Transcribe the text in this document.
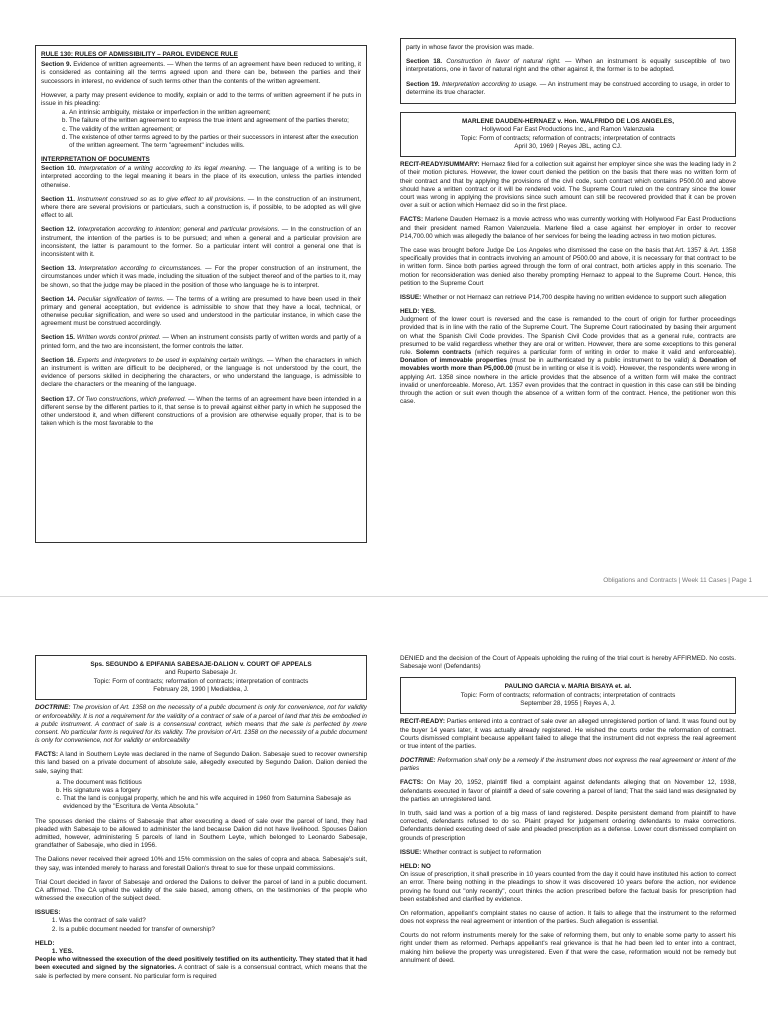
RULE 130: RULES OF ADMISSIBILITY – PAROL EVIDENCE RULE

Section 9. Evidence of written agreements. — When the terms of an agreement have been reduced to writing, it is considered as containing all the terms agreed upon and there can be, between the parties and their successors in interest, no evidence of such terms other than the contents of the written agreement.

However, a party may present evidence to modify, explain or add to the terms of written agreement if he puts in issue in his pleading:

a. An intrinsic ambiguity, mistake or imperfection in the written agreement;
b. The failure of the written agreement to express the true intent and agreement of the parties thereto;
c. The validity of the written agreement; or
d. The existence of other terms agreed to by the parties or their successors in interest after the execution of the written agreement. The term "agreement" includes wills.

INTERPRETATION OF DOCUMENTS

Section 10. Interpretation of a writing according to its legal meaning. — The language of a writing is to be interpreted according to the legal meaning it bears in the place of its execution, unless the parties intended otherwise.

Section 11. Instrument construed so as to give effect to all provisions. — In the construction of an instrument, where there are several provisions or particulars, such a construction is, if possible, to be adopted as will give effect to all.

Section 12. Interpretation according to intention; general and particular provisions. — In the construction of an instrument, the intention of the parties is to be pursued; and when a general and a particular provision are inconsistent, the latter is paramount to the former. So a particular intent will control a general one that is inconsistent with it.

Section 13. Interpretation according to circumstances. — For the proper construction of an instrument, the circumstances under which it was made, including the situation of the subject thereof and of the parties to it, may be shown, so that the judge may be placed in the position of those who language he is to interpret.

Section 14. Peculiar signification of terms. — The terms of a writing are presumed to have been used in their primary and general acceptation, but evidence is admissible to show that they have a local, technical, or otherwise peculiar signification, and were so used and understood in the particular instance, in which case the agreement must be construed accordingly.

Section 15. Written words control printed. — When an instrument consists partly of written words and partly of a printed form, and the two are inconsistent, the former controls the latter.

Section 16. Experts and interpreters to be used in explaining certain writings. — When the characters in which an instrument is written are difficult to be deciphered, or the language is not understood by the court, the evidence of persons skilled in deciphering the characters, or who understand the language, is admissible to declare the characters or the meaning of the language.

Section 17. Of Two constructions, which preferred. — When the terms of an agreement have been intended in a different sense by the different parties to it, that sense is to prevail against either party in which he supposed the other understood it, and when different constructions of a provision are otherwise equally proper, that is to be taken which is the most favorable to the

party in whose favor the provision was made.

Section 18. Construction in favor of natural right. — When an instrument is equally susceptible of two interpretations, one in favor of natural right and the other against it, the former is to be adopted.

Section 19. Interpretation according to usage. — An instrument may be construed according to usage, in order to determine its true character.

MARLENE DAUDEN-HERNAEZ v. Hon. WALFRIDO DE LOS ANGELES,
Hollywood Far East Productions Inc., and Ramon Valenzuela
Topic: Form of contracts; reformation of contracts; interpretation of contracts
April 30, 1969 | Reyes JBL, acting CJ.

RECIT-READY/SUMMARY: Hernaez filed for a collection suit against her employer since she was the leading lady in 2 of their motion pictures. However, the lower court denied the petition on the basis that there was no written form of their contract and that by applying the provisions of the civil code, such contract which contains P500.00 and above should have a written contract or it will be rendered void. The Supreme Court ruled on the contrary since the lower court was wrong in applying the provisions since such amount can still be recovered provided that it can be proven over a suit or action which Hernaez did so in the first place.

FACTS: Marlene Dauden Hernaez is a movie actress who was currently working with Hollywood Far East Productions and their president named Ramon Valenzuela. Marlene filed a case against her employer in order to recover P14,700.00 which was allegedly the balance of her services for being the leading actress in two motion pictures.

The case was brought before Judge De Los Angeles who dismissed the case on the basis that Art. 1357 & Art. 1358 specifically provides that in contracts involving an amount of P500.00 and above, it is necessary for that contract to be in written form. Since both parties agreed through the form of oral contract, both articles apply in this scenario. The motion for reconsideration was denied also thereby prompting Hernaez to appeal to the Supreme Court. Hence, this petition to the Supreme Court

ISSUE: Whether or not Hernaez can retrieve P14,700 despite having no written evidence to support such allegation

HELD: YES.

Judgment of the lower court is reversed and the case is remanded to the court of origin for further proceedings provided that is in line with the ratio of the Supreme Court. The Supreme Court ratiocinated by basing their argument on what the Spanish Civil Code provides. The Spanish Civil Code provides that as a general rule, contracts are presumed to be valid regardless whether they are oral or written. However, there are some exceptions to this general rule. Solemn contracts (which requires a particular form of writing in order to make it valid and enforceable). Donation of immovable properties (must be in authenticated by a public instrument to be valid) & Donation of movables worth more than P5,000.00 (must be in writing or else it is void). However, the respondents were wrong in applying Art. 1358 since nowhere in the article provides that the absence of a written form will make the contract invalid or unenforceable. Moreso, Art. 1357 even provides that the contract in question in this case can still be binding through the action or suit even though the absence of a written form of the contract. Hence, the petitioner won this case.

Obligations and Contracts | Week 11 Cases | Page 1
Sps. SEGUNDO & EPIFANIA SABESAJE-DALION v. COURT OF APPEALS
and Ruperto Sabesaje Jr.
Topic: Form of contracts; reformation of contracts; interpretation of contracts
February 28, 1990 | Medialdea, J.

DOCTRINE: The provision of Art. 1358 on the necessity of a public document is only for convenience, not for validity or enforceability. It is not a requirement for the validity of a contract of sale of a parcel of land that this be embodied in a public instrument. A contract of sale is a consensual contract, which means that the sale is perfected by mere consent. No particular form is required for its validity. The provision of Art. 1358 on the necessity of a public document is only for convenience, not for validity or enforceability

FACTS: A land in Southern Leyte was declared in the name of Segundo Dalion. Sabesaje sued to recover ownership this land based on a private document of absolute sale, allegedly executed by Segundo Dalion. Dalion denied the sale, saying that:

a. The document was fictitious
b. His signature was a forgery
c. That the land is conjugal property, which he and his wife acquired in 1960 from Saturnina Sabesaje as evidenced by the "Escritura de Venta Absoluta."

The spouses denied the claims of Sabesaje that after executing a deed of sale over the parcel of land, they had pleaded with Sabesaje to be allowed to administer the land because Dalion did not have livelihood. Spouses Dalion admitted, however, administering 5 parcels of land in Southern Leyte, which belonged to Leonardo Sabesaje, grandfather of Sabesaje, who died in 1956.

The Dalions never received their agreed 10% and 15% commission on the sales of copra and abaca. Sabesaje's suit, they say, was intended merely to harass and forestall Dalion's threat to sue for these unpaid commissions.

Trial Court decided in favor of Sabesaje and ordered the Dalions to deliver the parcel of land in a public document. CA affirmed. The CA upheld the validity of the sale based, among others, on the testimonies of the people who witnessed the execution of the subject deed.

ISSUES:

1. Was the contract of sale valid?
2. Is a public document needed for transfer of ownership?

HELD:

1. YES.

People who witnessed the execution of the deed positively testified on its authenticity. They stated that it had been executed and signed by the signatories. A contract of sale is a consensual contract, which means that the sale is perfected by mere consent. No particular form is required

DENIED and the decision of the Court of Appeals upholding the ruling of the trial court is hereby AFFIRMED. No costs. Sabesaje won! (Defendants)

PAULINO GARCIA v. MARIA BISAYA et. al.
Topic: Form of contracts; reformation of contracts; interpretation of contracts
September 28, 1955 | Reyes A, J.

RECIT-READY: Parties entered into a contract of sale over an alleged unregistered portion of land. It was found out by the buyer 14 years later, it was actually already registered. He wished the courts order the reformation of contract. Courts dismissed complaint because appellant failed to allege that the instrument did not express the real agreement or true intent of the parties.

DOCTRINE: Reformation shall only be a remedy if the instrument does not express the real agreement or intent of the parties

FACTS: On May 20, 1952, plaintiff filed a complaint against defendants alleging that on November 12, 1938, defendants executed in favor of plaintiff a deed of sale covering a parcel of land; That the said land was designated by the parties an unregistered land.

In truth, said land was a portion of a big mass of land registered. Despite persistent demand from plaintiff to have corrected, defendants refused to do so. Plaint prayed for judgement ordering defendants to make corrections. Defendants denied executing deed of sale and pleaded prescription as a defense. Lower court dismissed complaint on grounds of prescription

ISSUE: Whether contract is subject to reformation

HELD: NO

On issue of prescription, it shall prescribe in 10 years counted from the day it could have instituted his action to correct an error. There being nothing in the pleadings to show it was discovered 10 years before the action, nor evidence proving he found out "only recently", court thinks the action prescribed before the factual basis for prescription had been established and clarified by evidence.

On reformation, appellant's complaint states no cause of action. It fails to allege that the instrument to the reformed does not express the real agreement or intention of the parties. Such allegation is essential.

Courts do not reform instruments merely for the sake of reforming them, but only to enable some party to assert his right under them as reformed. Perhaps appellant's real grievance is that he had been led to enter into a contract, making him believe the property was unregistered. Even if that were the case, reformation would not be remedy but annulment of deed.
